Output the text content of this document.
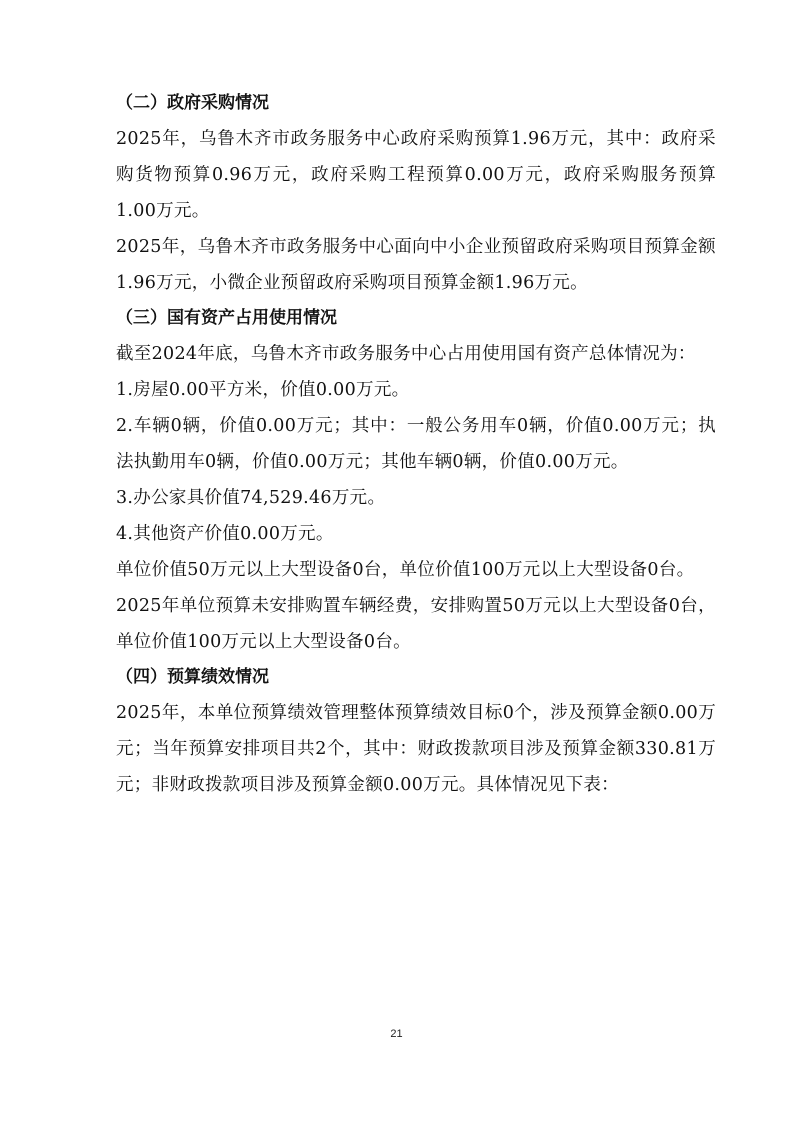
（二）政府采购情况

2025年，乌鲁木齐市政务服务中心政府采购预算1.96万元，其中：政府采购货物预算0.96万元，政府采购工程预算0.00万元，政府采购服务预算1.00万元。

2025年，乌鲁木齐市政务服务中心面向中小企业预留政府采购项目预算金额1.96万元，小微企业预留政府采购项目预算金额1.96万元。

（三）国有资产占用使用情况

截至2024年底，乌鲁木齐市政务服务中心占用使用国有资产总体情况为：

1.房屋0.00平方米，价值0.00万元。

2.车辆0辆，价值0.00万元；其中：一般公务用车0辆，价值0.00万元；执法执勤用车0辆，价值0.00万元；其他车辆0辆，价值0.00万元。

3.办公家具价值74,529.46万元。

4.其他资产价值0.00万元。

单位价值50万元以上大型设备0台，单位价值100万元以上大型设备0台。

2025年单位预算未安排购置车辆经费，安排购置50万元以上大型设备0台，单位价值100万元以上大型设备0台。

（四）预算绩效情况

2025年，本单位预算绩效管理整体预算绩效目标0个，涉及预算金额0.00万元；当年预算安排项目共2个，其中：财政拨款项目涉及预算金额330.81万元；非财政拨款项目涉及预算金额0.00万元。具体情况见下表：

21
